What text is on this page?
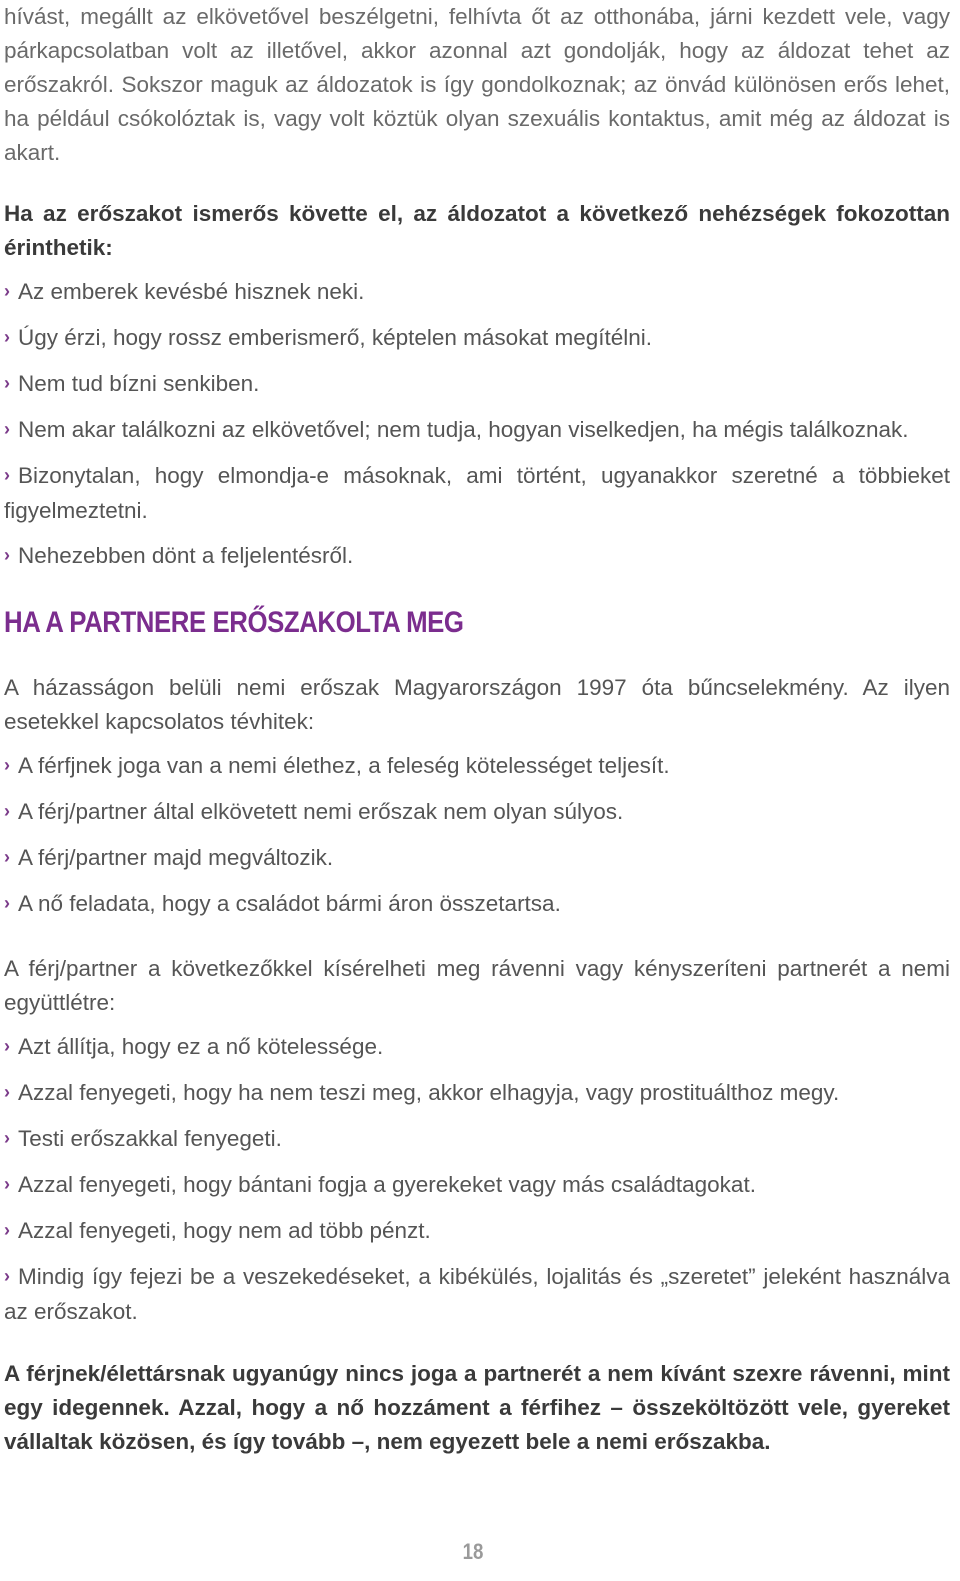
hívást, megállt az elkövetővel beszélgetni, felhívta őt az otthonába, járni kezdett vele, vagy párkapcsolatban volt az illetővel, akkor azonnal azt gondolják, hogy az áldozat tehet az erőszakról. Sokszor maguk az áldozatok is így gondolkoznak; az önvád különösen erős lehet, ha például csókolóztak is, vagy volt köztük olyan szexuális kontaktus, amit még az áldozat is akart.

Ha az erőszakot ismerős követte el, az áldozatot a következő nehézségek fokozottan érinthetik:

› Az emberek kevésbé hisznek neki.
› Úgy érzi, hogy rossz emberismerő, képtelen másokat megítélni.
› Nem tud bízni senkiben.
› Nem akar találkozni az elkövetővel; nem tudja, hogyan viselkedjen, ha mégis találkoznak.
› Bizonytalan, hogy elmondja-e másoknak, ami történt, ugyanakkor szeretné a többieket figyelmeztetni.
› Nehezebben dönt a feljelentésről.
HA A PARTNERE ERŐSZAKOLTA MEG

A házasságon belüli nemi erőszak Magyarországon 1997 óta bűncselekmény. Az ilyen esetekkel kapcsolatos tévhitek:

› A férfjnek joga van a nemi élethez, a feleség kötelességet teljesít.
› A férj/partner által elkövetett nemi erőszak nem olyan súlyos.
› A férj/partner majd megváltozik.
› A nő feladata, hogy a családot bármi áron összetartsa.

A férj/partner a következőkkel kísérelheti meg rávenni vagy kényszeríteni partnerét a nemi együttlétre:

› Azt állítja, hogy ez a nő kötelessége.
› Azzal fenyegeti, hogy ha nem teszi meg, akkor elhagyja, vagy prostituálthoz megy.
› Testi erőszakkal fenyegeti.
› Azzal fenyegeti, hogy bántani fogja a gyerekeket vagy más családtagokat.
› Azzal fenyegeti, hogy nem ad több pénzt.
› Mindig így fejezi be a veszekedéseket, a kibékülés, lojalitás és „szeretet” jeleként használva az erőszakot.

A férjnek/élettársnak ugyanúgy nincs joga a partnerét a nem kívánt szexre rávenni, mint egy idegennek. Azzal, hogy a nő hozzáment a férfihez – összeköltözött vele, gyereket vállaltak közösen, és így tovább –, nem egyezett bele a nemi erőszakba.

18
